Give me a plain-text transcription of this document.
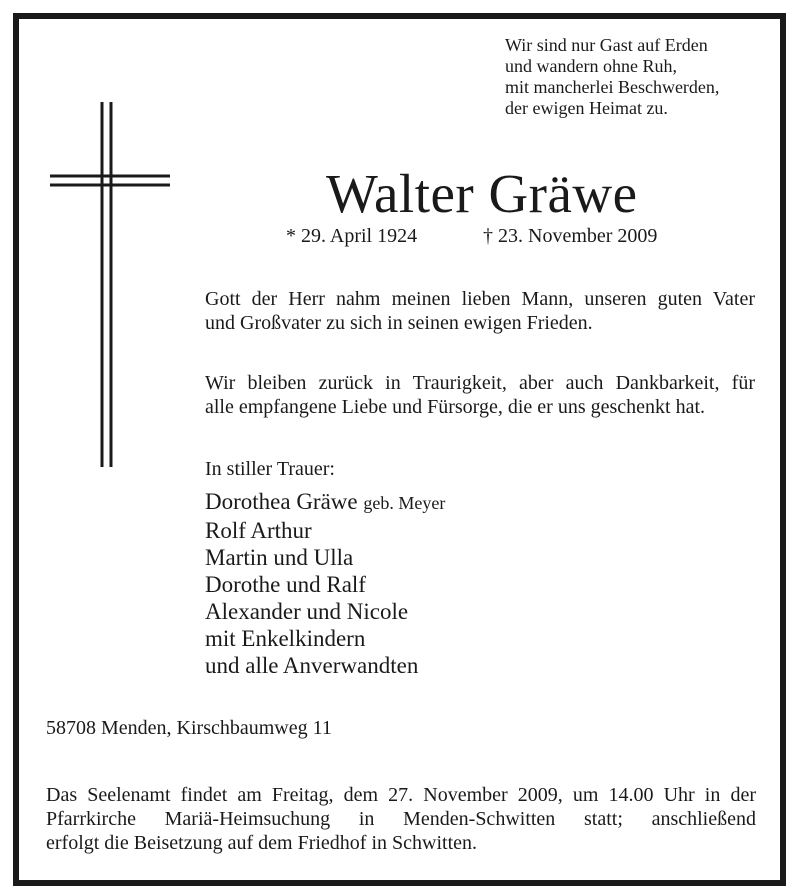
Wir sind nur Gast auf Erden
und wandern ohne Ruh,
mit mancherlei Beschwerden,
der ewigen Heimat zu.
Walter Gräwe
* 29. April 1924	† 23. November 2009
Gott der Herr nahm meinen lieben Mann, unseren guten Vater
und Großvater zu sich in seinen ewigen Frieden.
Wir bleiben zurück in Traurigkeit, aber auch Dankbarkeit, für
alle empfangene Liebe und Fürsorge, die er uns geschenkt hat.
In stiller Trauer:
Dorothea Gräwe geb. Meyer
Rolf Arthur
Martin und Ulla
Dorothe und Ralf
Alexander und Nicole
mit Enkelkindern
und alle Anverwandten
58708 Menden, Kirschbaumweg 11
Das Seelenamt findet am Freitag, dem 27. November 2009, um 14.00 Uhr in der
Pfarrkirche Mariä-Heimsuchung in Menden-Schwitten statt; anschließend
erfolgt die Beisetzung auf dem Friedhof in Schwitten.
